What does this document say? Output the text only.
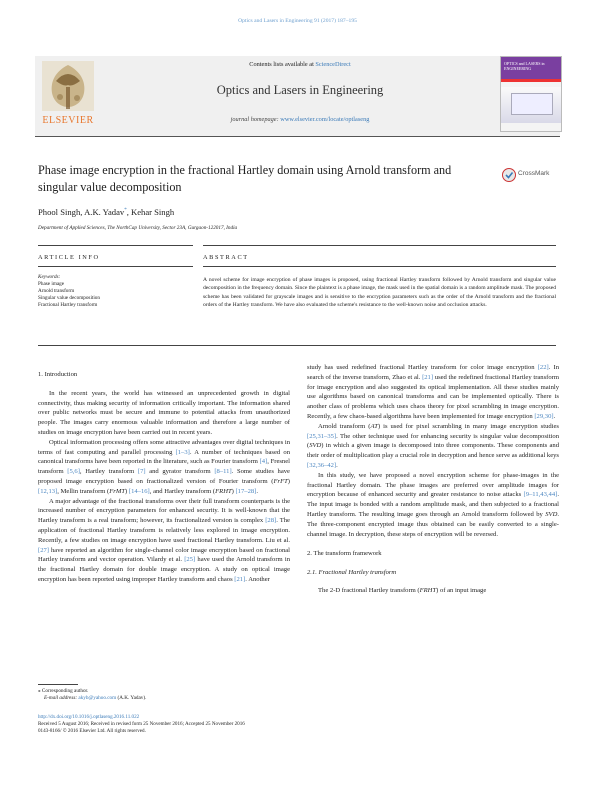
Optics and Lasers in Engineering 91 (2017) 187–195
ELSEVIER
Contents lists available at ScienceDirect
Optics and Lasers in Engineering
journal homepage: www.elsevier.com/locate/optlaseng
OPTICS and LASERS in ENGINEERING
Phase image encryption in the fractional Hartley domain using Arnold transform and singular value decomposition
CrossMark
Phool Singh, A.K. Yadav*, Kehar Singh
Department of Applied Sciences, The NorthCap University, Sector 23A, Gurgaon-122017, India
ARTICLE INFO	ABSTRACT
Keywords:
Phase image
Arnold transform
Singular value decomposition
Fractional Hartley transform
A novel scheme for image encryption of phase images is proposed, using fractional Hartley transform followed by Arnold transform and singular value decomposition in the frequency domain. Since the plaintext is a phase image, the mask used in the spatial domain is a random amplitude mask. The proposed scheme has been validated for grayscale images and is sensitive to the encryption parameters such as the order of the Arnold transform and the fractional orders of the Hartley transform. We have also evaluated the scheme's resistance to the well-known noise and occlusion attacks.
1. Introduction

In the recent years, the world has witnessed an unprecedented growth in digital connectivity, thus making security of information critically important. The information shared over public networks must be secure and immune to potential attacks from unauthorized people. The images carry enormous valuable information and therefore a large number of studies on image encryption have been carried out in recent years.

Optical information processing offers some attractive advantages over digital techniques in terms of fast computing and parallel processing [1–3]. A number of techniques based on canonical transforms have been reported in the literature, such as Fourier transform [4], Fresnel transform [5,6], Hartley transform [7] and gyrator transform [8–11]. Some studies have proposed image encryption based on fractionalized version of Fourier transform (FrFT) [12,13], Mellin transform (FrMT) [14–16], and Hartley transform (FRHT) [17–28].

A major advantage of the fractional transforms over their full transform counterparts is the increased number of encryption parameters for enhanced security. It is well-known that the Hartley transform is a real transform; however, its fractionalized version is complex [28]. The application of fractional Hartley transform is relatively less explored in image encryption. Recently, a few studies on image encryption have used fractional Hartley transform. Liu et al. [27] have reported an algorithm for single-channel color image encryption based on fractional Hartley transform and vector operation. Vilardy et al. [25] have used the Arnold transform in the fractional Hartley domain for double image encryption. A study on optical image encryption has been reported using improper Hartley transform and chaos [21]. Another

study has used redefined fractional Hartley transform for color image encryption [22]. In search of the inverse transform, Zhao et al. [21] used the redefined fractional Hartley transform for image encryption and also suggested its optical implementation. All these studies mainly use algorithms based on canonical transforms and can be implemented optically. There is another class of problems which uses chaos theory for pixel scrambling in image encryption. Recently, a few chaos-based algorithms have been implemented for image encryption [29,30].

Arnold transform (AT) is used for pixel scrambling in many image encryption studies [25,31–35]. The other technique used for enhancing security is singular value decomposition (SVD) in which a given image is decomposed into three components. These components and their order of multiplication play a crucial role in decryption and hence serve as additional keys [32,36–42].

In this study, we have proposed a novel encryption scheme for phase-images in the fractional Hartley domain. The phase images are preferred over amplitude images for encryption because of enhanced security and greater resistance to noise attacks [9–11,43,44]. The input image is bonded with a random amplitude mask, and then subjected to a fractional Hartley transform. The resulting image goes through an Arnold transform followed by SVD. The three-component encrypted image thus obtained can be easily converted to a single-channel image. In decryption, these steps of encryption will be reversed.

2. The transform framework
2.1. Fractional Hartley transform

The 2-D fractional Hartley transform (FRHT) of an input image

⁎ Corresponding author.
E-mail address: akyb@yahoo.com (A.K. Yadav).
http://dx.doi.org/10.1016/j.optlaseng.2016.11.022
Received 5 August 2016; Received in revised form 25 November 2016; Accepted 25 November 2016
0143-8166/ © 2016 Elsevier Ltd. All rights reserved.
